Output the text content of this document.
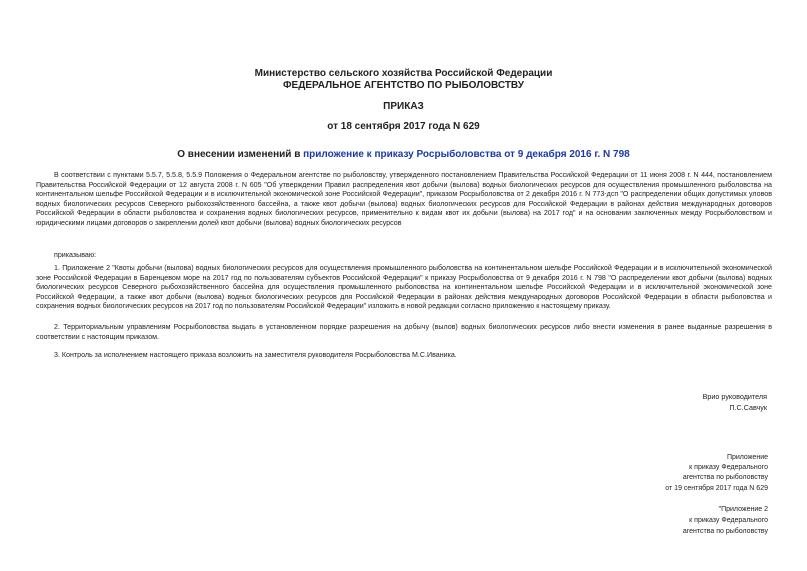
Министерство сельского хозяйства Российской Федерации
ФЕДЕРАЛЬНОЕ АГЕНТСТВО ПО РЫБОЛОВСТВУ
ПРИКАЗ
от 18 сентября 2017 года N 629
О внесении изменений в приложение к приказу Росрыболовства от 9 декабря 2016 г. N 798
В соответствии с пунктами 5.5.7, 5.5.8, 5.5.9 Положения о Федеральном агентстве по рыболовству, утвержденного постановлением Правительства Российской Федерации от 11 июня 2008 г. N 444, постановлением Правительства Российской Федерации от 12 августа 2008 г. N 605 "Об утверждении Правил распределения квот добычи (вылова) водных биологических ресурсов для осуществления промышленного рыболовства на континентальном шельфе Российской Федерации и в исключительной экономической зоне Российской Федерации", приказом Росрыболовства от 2 декабря 2016 г. N 773-дсп "О распределении общих допустимых уловов водных биологических ресурсов Северного рыбохозяйственного бассейна, а также квот добычи (вылова) водных биологических ресурсов для Российской Федерации в районах действия международных договоров Российской Федерации в области рыболовства и сохранения водных биологических ресурсов, применительно к видам квот их добычи (вылова) на 2017 год" и на основании заключенных между Росрыболовством и юридическими лицами договоров о закреплении долей квот добычи (вылова) водных биологических ресурсов
приказываю:
1. Приложение 2 "Квоты добычи (вылова) водных биологических ресурсов для осуществления промышленного рыболовства на континентальном шельфе Российской Федерации и в исключительной экономической зоне Российской Федерации в Баренцевом море на 2017 год по пользователям субъектов Российской Федерации" к приказу Росрыболовства от 9 декабря 2016 г. N 798 "О распределении квот добычи (вылова) водных биологических ресурсов Северного рыбохозяйственного бассейна для осуществления промышленного рыболовства на континентальном шельфе Российской Федерации и в исключительной экономической зоне Российской Федерации, а также квот добычи (вылова) водных биологических ресурсов для Российской Федерации в районах действия международных договоров Российской Федерации в области рыболовства и сохранения водных биологических ресурсов на 2017 год по пользователям Российской Федерации" изложить в новой редакции согласно приложению к настоящему приказу.
2. Территориальным управлениям Росрыболовства выдать в установленном порядке разрешения на добычу (вылов) водных биологических ресурсов либо внести изменения в ранее выданные разрешения в соответствии с настоящим приказом.
3. Контроль за исполнением настоящего приказа возложить на заместителя руководителя Росрыболовства М.С.Иваника.
Врио руководителя
П.С.Савчук
Приложение
к приказу Федерального
агентства по рыболовству
от 19 сентября 2017 года N 629
"Приложение 2
к приказу Федерального
агентства по рыболовству
